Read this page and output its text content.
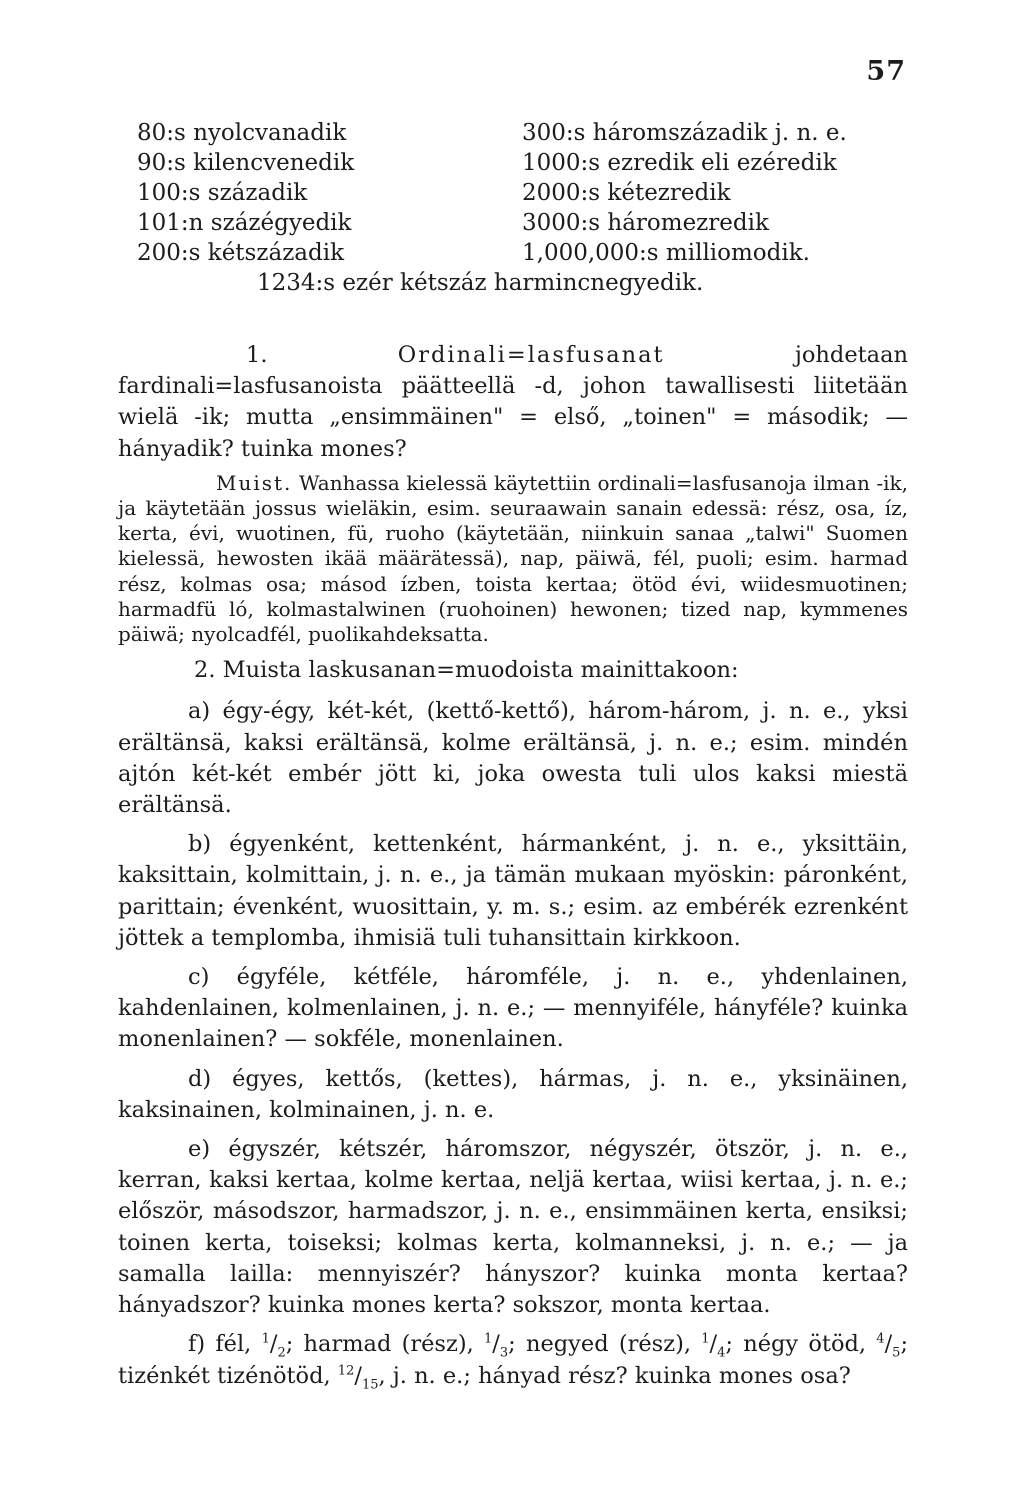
57
80:s nyolcvanadik	300:s háromszázadik j. n. e.
90:s kilencvenedik	1000:s ezredik eli ezéredik
100:s századik	2000:s kétezredik
101:n százégyedik	3000:s háromezredik
200:s kétszázadik	1,000,000:s milliomodik.
1234:s ezér kétszáz harmincnegyedik.

1.	Ordinali=lasfusanat	johdetaan fardinali=lasfusanoista päätteellä -d, johon tawallisesti liitetään wielä -ik; mutta „ensimmäinen" = első, „toinen" = második; — hányadik? tuinka mones?

Muist. Wanhassa kielessä käytettiin ordinali=lasfusanoja ilman -ik, ja käytetään jossus wieläkin, esim. seuraawain sanain edessä: rész, osa, íz, kerta, évi, wuotinen, fü, ruoho (käytetään, niinkuin sanaa „talwi" Suomen kielessä, hewosten ikää määrätessä), nap, päiwä, fél, puoli; esim. harmad rész, kolmas osa; másod ízben, toista kertaa; ötöd évi, wiidesmuotinen; harmadfü ló, kolmastalwinen (ruohoinen) hewonen; tized nap, kymmenes päiwä; nyolcadfél, puolikahdeksatta.

2. Muista laskusanan=muodoista mainittakoon:

a) égy-égy, két-két, (kettő-kettő), három-három, j. n. e., yksi erältänsä, kaksi erältänsä, kolme erältänsä, j. n. e.; esim. mindén ajtón két-két embér jött ki, joka owesta tuli ulos kaksi miestä erältänsä.

b) égyenként, kettenként, hármanként, j. n. e., yksittäin, kaksittain, kolmittain, j. n. e., ja tämän mukaan myöskin: páronként, parittain; évenként, wuosittain, y. m. s.; esim. az embérék ezrenként jöttek a templomba, ihmisiä tuli tuhansittain kirkkoon.

c) égyféle, kétféle, háromféle, j. n. e., yhdenlainen, kahdenlainen, kolmenlainen, j. n. e.; — mennyiféle, hányféle? kuinka monenlainen? — sokféle, monenlainen.

d) égyes, kettős, (kettes), hármas, j. n. e., yksinäinen, kaksinainen, kolminainen, j. n. e.

e) égyszér, kétszér, háromszor, négyszér, ötször, j. n. e., kerran, kaksi kertaa, kolme kertaa, neljä kertaa, wiisi kertaa, j. n. e.; először, másodszor, harmadszor, j. n. e., ensimmäinen kerta, ensiksi; toinen kerta, toiseksi; kolmas kerta, kolmanneksi, j. n. e.; — ja samalla lailla: mennyiszér? hányszor? kuinka monta kertaa? hányadszor? kuinka mones kerta? sokszor, monta kertaa.

f) fél, $^1/_2$; harmad (rész), $^1/_3$; negyed (rész), $^1/_4$; négy ötöd, $^4/_5$; tizénkét tizénötöd, $^{12}/_{15}$, j. n. e.; hányad rész? kuinka mones osa?
